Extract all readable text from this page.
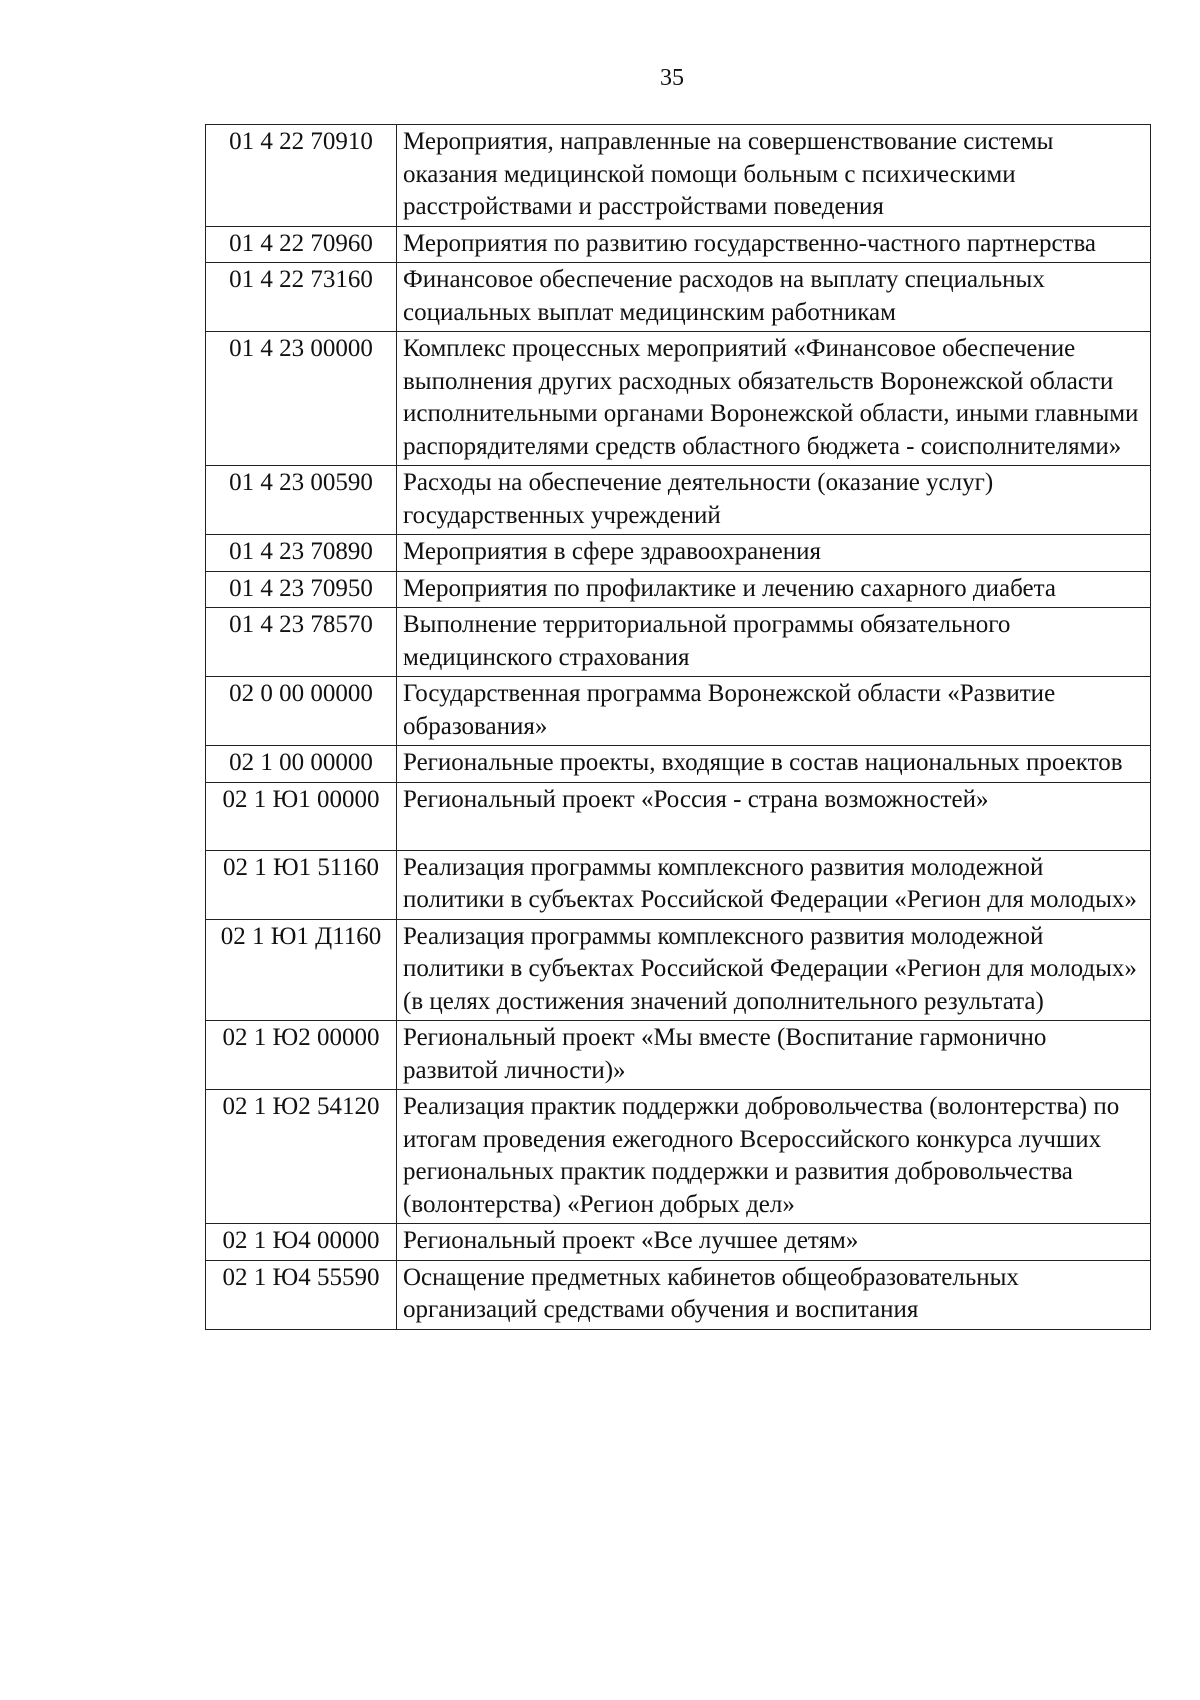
35
01 4 22 70910	Мероприятия, направленные на совершенствование системы оказания медицинской помощи больным с психическими расстройствами и расстройствами поведения
01 4 22 70960	Мероприятия по развитию государственно-частного партнерства
01 4 22 73160	Финансовое обеспечение расходов на выплату специальных социальных выплат медицинским работникам
01 4 23 00000	Комплекс процессных мероприятий «Финансовое обеспечение выполнения других расходных обязательств Воронежской области исполнительными органами Воронежской области, иными главными распорядителями средств областного бюджета - соисполнителями»
01 4 23 00590	Расходы на обеспечение деятельности (оказание услуг) государственных учреждений
01 4 23 70890	Мероприятия в сфере здравоохранения
01 4 23 70950	Мероприятия по профилактике и лечению сахарного диабета
01 4 23 78570	Выполнение территориальной программы обязательного медицинского страхования
02 0 00 00000	Государственная программа Воронежской области «Развитие образования»
02 1 00 00000	Региональные проекты, входящие в состав национальных проектов
02 1 Ю1 00000	Региональный проект «Россия - страна возможностей»
02 1 Ю1 51160	Реализация программы комплексного развития молодежной политики в субъектах Российской Федерации «Регион для молодых»
02 1 Ю1 Д1160	Реализация программы комплексного развития молодежной политики в субъектах Российской Федерации «Регион для молодых» (в целях достижения значений дополнительного результата)
02 1 Ю2 00000	Региональный проект «Мы вместе (Воспитание гармонично развитой личности)»
02 1 Ю2 54120	Реализация практик поддержки добровольчества (волонтерства) по итогам проведения ежегодного Всероссийского конкурса лучших региональных практик поддержки и развития добровольчества (волонтерства) «Регион добрых дел»
02 1 Ю4 00000	Региональный проект «Все лучшее детям»
02 1 Ю4 55590	Оснащение предметных кабинетов общеобразовательных организаций средствами обучения и воспитания
